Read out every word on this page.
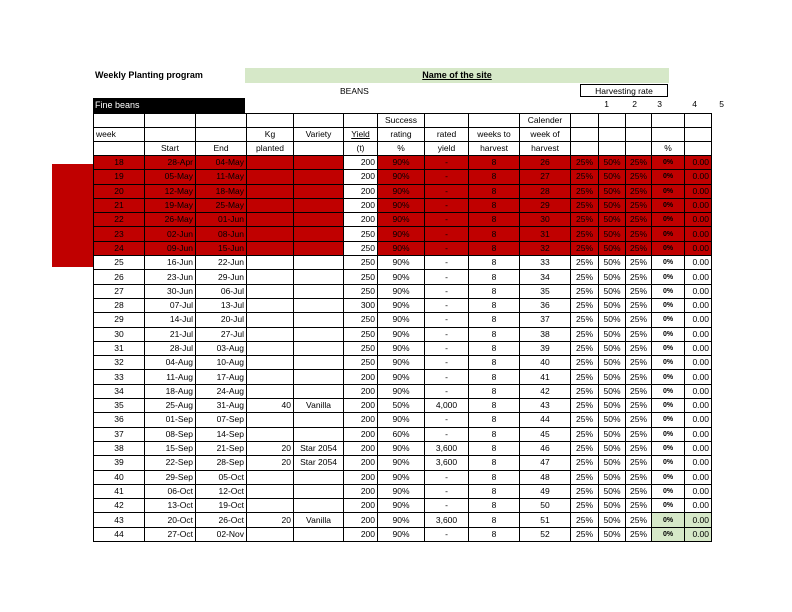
Weekly Planting program	Name of the site
BEANS	Harvesting rate
1	2	3	4	5
Fine beans
						Success			Calender					
week			Kg	Variety	Yield	rating	rated	weeks to	week of					
	Start	End	planted		(t)	%	yield	harvest	harvest				%	
18	28-Apr	04-May			200	90%	-	8	26	25%	50%	25%	0%	0.00
19	05-May	11-May			200	90%	-	8	27	25%	50%	25%	0%	0.00
20	12-May	18-May			200	90%	-	8	28	25%	50%	25%	0%	0.00
21	19-May	25-May			200	90%	-	8	29	25%	50%	25%	0%	0.00
22	26-May	01-Jun			200	90%	-	8	30	25%	50%	25%	0%	0.00
23	02-Jun	08-Jun			250	90%	-	8	31	25%	50%	25%	0%	0.00
24	09-Jun	15-Jun			250	90%	-	8	32	25%	50%	25%	0%	0.00
25	16-Jun	22-Jun			250	90%	-	8	33	25%	50%	25%	0%	0.00
26	23-Jun	29-Jun			250	90%	-	8	34	25%	50%	25%	0%	0.00
27	30-Jun	06-Jul			250	90%	-	8	35	25%	50%	25%	0%	0.00
28	07-Jul	13-Jul			300	90%	-	8	36	25%	50%	25%	0%	0.00
29	14-Jul	20-Jul			250	90%	-	8	37	25%	50%	25%	0%	0.00
30	21-Jul	27-Jul			250	90%	-	8	38	25%	50%	25%	0%	0.00
31	28-Jul	03-Aug			250	90%	-	8	39	25%	50%	25%	0%	0.00
32	04-Aug	10-Aug			250	90%	-	8	40	25%	50%	25%	0%	0.00
33	11-Aug	17-Aug			200	90%	-	8	41	25%	50%	25%	0%	0.00
34	18-Aug	24-Aug			200	90%	-	8	42	25%	50%	25%	0%	0.00
35	25-Aug	31-Aug	40	Vanilla	200	50%	4,000	8	43	25%	50%	25%	0%	0.00
36	01-Sep	07-Sep			200	90%	-	8	44	25%	50%	25%	0%	0.00
37	08-Sep	14-Sep			200	60%	-	8	45	25%	50%	25%	0%	0.00
38	15-Sep	21-Sep	20	Star 2054	200	90%	3,600	8	46	25%	50%	25%	0%	0.00
39	22-Sep	28-Sep	20	Star 2054	200	90%	3,600	8	47	25%	50%	25%	0%	0.00
40	29-Sep	05-Oct			200	90%	-	8	48	25%	50%	25%	0%	0.00
41	06-Oct	12-Oct			200	90%	-	8	49	25%	50%	25%	0%	0.00
42	13-Oct	19-Oct			200	90%	-	8	50	25%	50%	25%	0%	0.00
43	20-Oct	26-Oct	20	Vanilla	200	90%	3,600	8	51	25%	50%	25%	0%	0.00
44	27-Oct	02-Nov			200	90%	-	8	52	25%	50%	25%	0%	0.00
